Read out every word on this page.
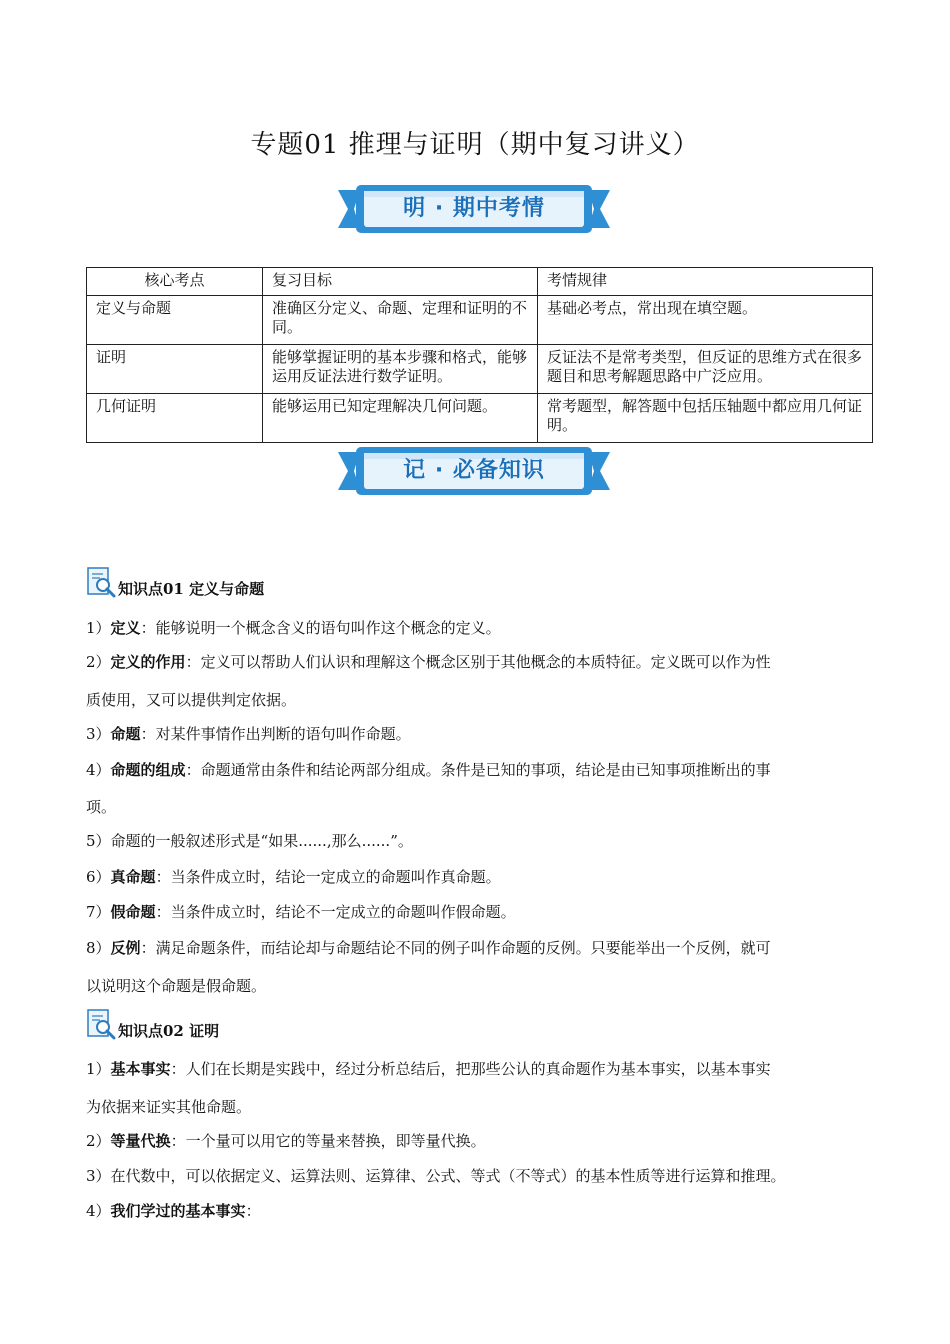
专题01 推理与证明（期中复习讲义）
明 · 期中考情
核心考点	复习目标	考情规律
定义与命题	准确区分定义、命题、定理和证明的不同。	基础必考点，常出现在填空题。
证明	能够掌握证明的基本步骤和格式，能够运用反证法进行数学证明。	反证法不是常考类型，但反证的思维方式在很多题目和思考解题思路中广泛应用。
几何证明	能够运用已知定理解决几何问题。	常考题型，解答题中包括压轴题中都应用几何证明。
记 · 必备知识
知识点01 定义与命题
1）定义：能够说明一个概念含义的语句叫作这个概念的定义。
2）定义的作用：定义可以帮助人们认识和理解这个概念区别于其他概念的本质特征。定义既可以作为性
质使用，又可以提供判定依据。
3）命题：对某件事情作出判断的语句叫作命题。
4）命题的组成：命题通常由条件和结论两部分组成。条件是已知的事项，结论是由已知事项推断出的事
项。
5）命题的一般叙述形式是“如果......,那么......”。
6）真命题：当条件成立时，结论一定成立的命题叫作真命题。
7）假命题：当条件成立时，结论不一定成立的命题叫作假命题。
8）反例：满足命题条件，而结论却与命题结论不同的例子叫作命题的反例。只要能举出一个反例，就可
以说明这个命题是假命题。
知识点02 证明
1）基本事实：人们在长期是实践中，经过分析总结后，把那些公认的真命题作为基本事实，以基本事实
为依据来证实其他命题。
2）等量代换：一个量可以用它的等量来替换，即等量代换。
3）在代数中，可以依据定义、运算法则、运算律、公式、等式（不等式）的基本性质等进行运算和推理。
4）我们学过的基本事实：
